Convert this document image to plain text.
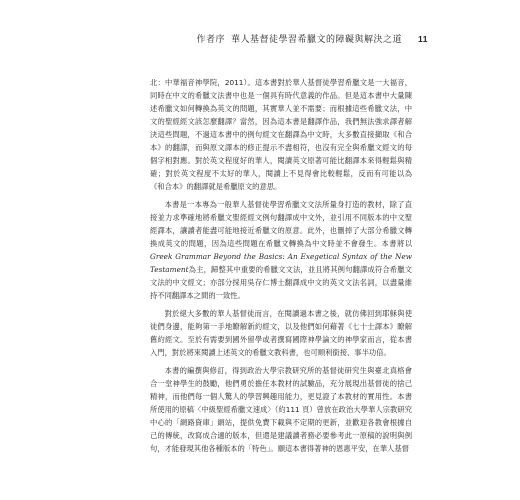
作者序 華人基督徒學習希臘文的障礙與解決之道 11

北：中華福音神學院，2011）。這本書對於華人基督徒學習希臘文是一大福音，同時在中文的希臘文法書中也是一個具有時代意義的作品。但是這本書中大量陳述希臘文如何轉換為英文的問題，其實華人並不需要；而根據這些希臘文法，中文的聖經經文該怎麼翻譯？當然，因為這本書是翻譯作品，我們無法強求譯者解決這些問題，不過這本書中的例句經文在翻譯為中文時，大多數直接擷取《和合本》的翻譯，而與原文譯本的修正提示不盡相符，也沒有完全與希臘文經文的每個字相對應。對於英文程度好的華人，閱讀英文原著可能比翻譯本來得輕鬆與精確；對於英文程度不太好的華人，閱讀上不見得會比較輕鬆，反而有可能以為《和合本》的翻譯就是希臘原文的意思。

本書是一本專為一般華人基督徒學習希臘文文法所量身打造的教材，除了直接並力求準確地將希臘文聖經經文例句翻譯成中文外，並引用不同版本的中文聖經譯本，讓讀者能盡可能地接近希臘文的原意。此外，也刪掉了大部分希臘文轉換成英文的問題，因為這些問題在希臘文轉換為中文時並不會發生。本書將以Greek Grammar Beyond the Basics: An Exegetical Syntax of the New Testament為主，歸整其中重要的希臘文文法，並且將其例句翻譯成符合希臘文文法的中文經文；亦部分採用吳存仁博士翻譯成中文的英文文法名詞，以盡量維持不同翻譯本之間的一致性。

對於絕大多數的華人基督徒而言，在閱讀過本書之後，就仿佛回到耶穌與使徒們身邊，能夠第一手地瞭解新約經文，以及他們如何藉著《七十士譯本》瞭解舊約經文。至於有需要到國外留學或者撰寫國際神學論文的神學家而言，從本書入門，對於將來閱讀上述英文的希臘文教科書，也可順利銜接、事半功倍。

本書的編撰與修訂，得到政治大學宗教研究所的基督徒研究生與臺北真格會合一堂神學生的鼓勵，他們勇於擔任本教材的試驗品，充分展現出基督徒的捨己精神，而他們每一個人驚人的學習興趣用能力，更見證了本教材的實用性。本書所使用的原稿〈中級聖經希臘文速成〉（約111 頁）曾放在政治大學華人宗教研究中心的「網路資庫」網站，提供免費下載與不定期的更新，並歡迎各教會根據自己的傳統，改寫成合適的版本，但還是建議讀者務必要參考此一原稿的說明與例句，才能發現其他各種版本的「特色」。願這本書得著神的恩惠平安，在華人基督
